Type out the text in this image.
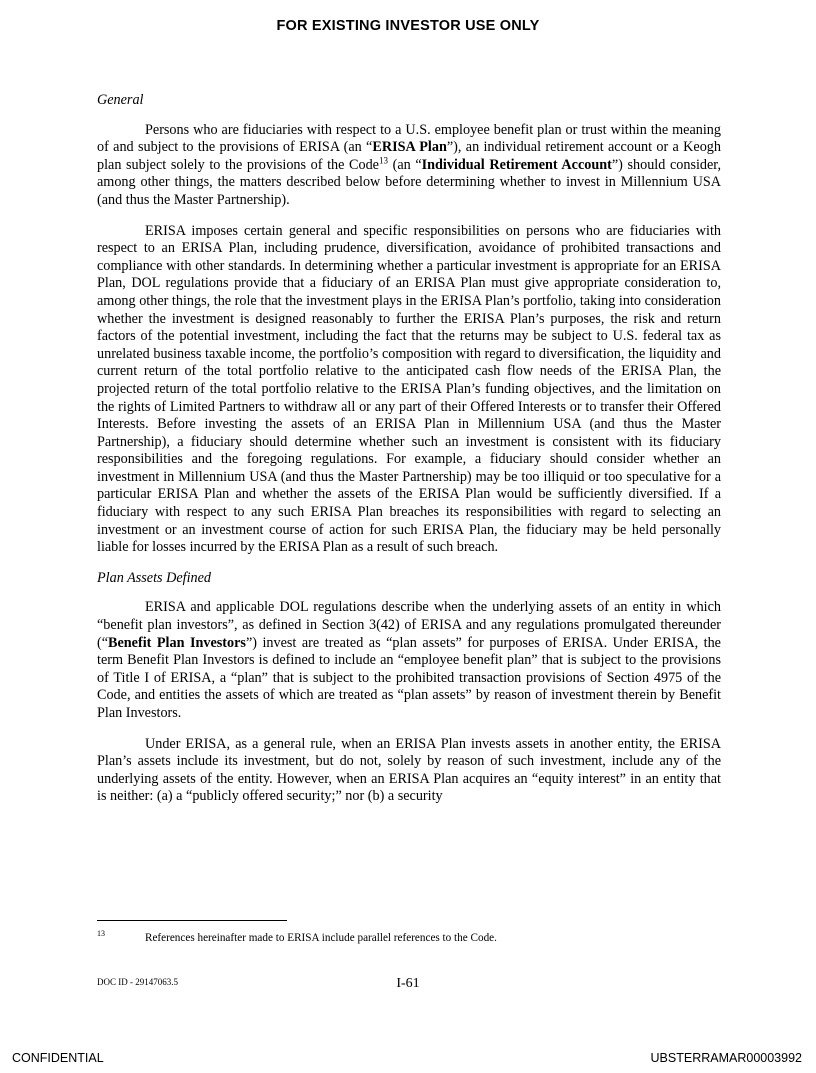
FOR EXISTING INVESTOR USE ONLY
General

Persons who are fiduciaries with respect to a U.S. employee benefit plan or trust within the meaning of and subject to the provisions of ERISA (an “ERISA Plan”), an individual retirement account or a Keogh plan subject solely to the provisions of the Code$^{13}$ (an “Individual Retirement Account”) should consider, among other things, the matters described below before determining whether to invest in Millennium USA (and thus the Master Partnership).

ERISA imposes certain general and specific responsibilities on persons who are fiduciaries with respect to an ERISA Plan, including prudence, diversification, avoidance of prohibited transactions and compliance with other standards. In determining whether a particular investment is appropriate for an ERISA Plan, DOL regulations provide that a fiduciary of an ERISA Plan must give appropriate consideration to, among other things, the role that the investment plays in the ERISA Plan’s portfolio, taking into consideration whether the investment is designed reasonably to further the ERISA Plan’s purposes, the risk and return factors of the potential investment, including the fact that the returns may be subject to U.S. federal tax as unrelated business taxable income, the portfolio’s composition with regard to diversification, the liquidity and current return of the total portfolio relative to the anticipated cash flow needs of the ERISA Plan, the projected return of the total portfolio relative to the ERISA Plan’s funding objectives, and the limitation on the rights of Limited Partners to withdraw all or any part of their Offered Interests or to transfer their Offered Interests. Before investing the assets of an ERISA Plan in Millennium USA (and thus the Master Partnership), a fiduciary should determine whether such an investment is consistent with its fiduciary responsibilities and the foregoing regulations. For example, a fiduciary should consider whether an investment in Millennium USA (and thus the Master Partnership) may be too illiquid or too speculative for a particular ERISA Plan and whether the assets of the ERISA Plan would be sufficiently diversified. If a fiduciary with respect to any such ERISA Plan breaches its responsibilities with regard to selecting an investment or an investment course of action for such ERISA Plan, the fiduciary may be held personally liable for losses incurred by the ERISA Plan as a result of such breach.

Plan Assets Defined

ERISA and applicable DOL regulations describe when the underlying assets of an entity in which “benefit plan investors”, as defined in Section 3(42) of ERISA and any regulations promulgated thereunder (“Benefit Plan Investors”) invest are treated as “plan assets” for purposes of ERISA. Under ERISA, the term Benefit Plan Investors is defined to include an “employee benefit plan” that is subject to the provisions of Title I of ERISA, a “plan” that is subject to the prohibited transaction provisions of Section 4975 of the Code, and entities the assets of which are treated as “plan assets” by reason of investment therein by Benefit Plan Investors.

Under ERISA, as a general rule, when an ERISA Plan invests assets in another entity, the ERISA Plan’s assets include its investment, but do not, solely by reason of such investment, include any of the underlying assets of the entity. However, when an ERISA Plan acquires an “equity interest” in an entity that is neither: (a) a “publicly offered security;” nor (b) a security

13	References hereinafter made to ERISA include parallel references to the Code.
DOC ID - 29147063.5	I-61
CONFIDENTIAL	UBSTERRAMAR00003992
